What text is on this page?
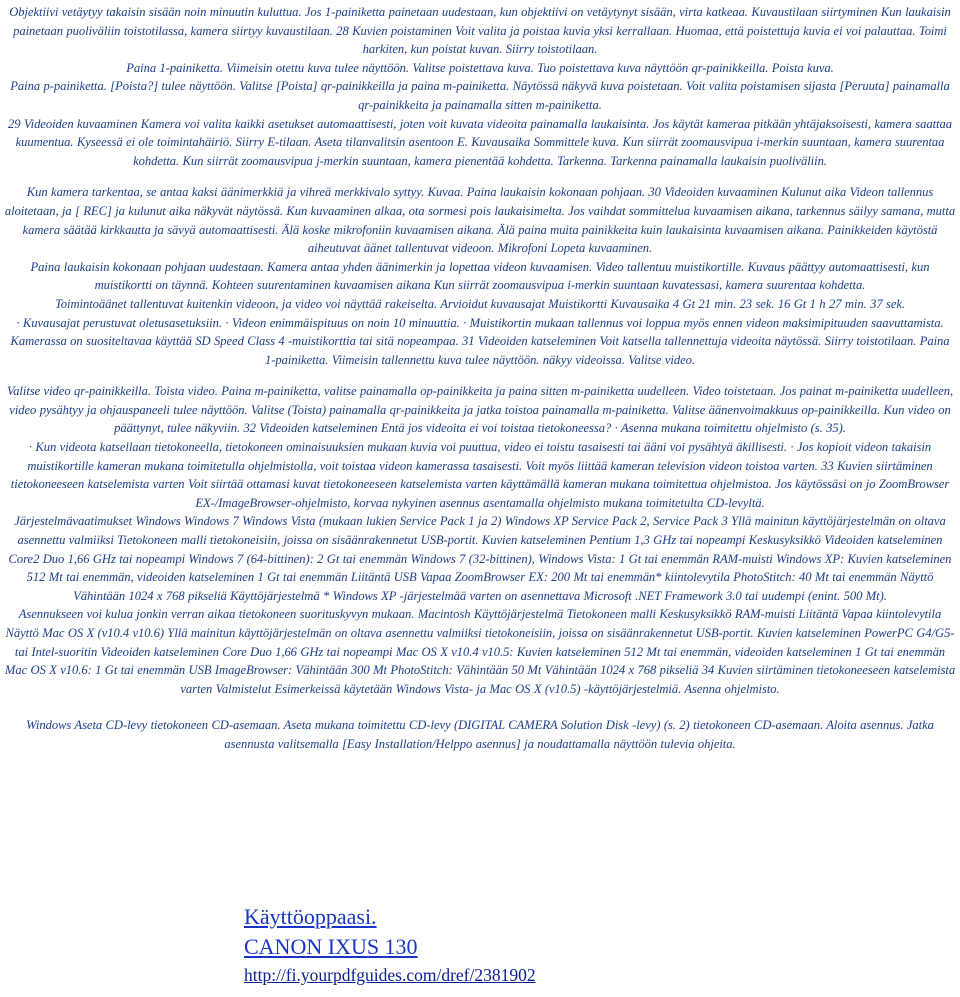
Objektiivi vetäytyy takaisin sisään noin minuutin kuluttua. Jos 1-painiketta painetaan uudestaan, kun objektiivi on vetäytynyt sisään, virta katkeaa. Kuvaustilaan siirtyminen Kun laukaisin painetaan puoliväliin toistotilassa, kamera siirtyy kuvaustilaan. 28 Kuvien poistaminen Voit valita ja poistaa kuvia yksi kerrallaan. Huomaa, että poistettuja kuvia ei voi palauttaa. Toimi harkiten, kun poistat kuvan. Siirry toistotilaan.

Paina 1-painiketta. Viimeisin otettu kuva tulee näyttöön. Valitse poistettava kuva. Tuo poistettava kuva näyttöön qr-painikkeilla. Poista kuva.

Paina p-painiketta. [Poista?] tulee näyttöön. Valitse [Poista] qr-painikkeilla ja paina m-painiketta. Näytössä näkyvä kuva poistetaan. Voit valita poistamisen sijasta [Peruuta] painamalla qr-painikkeita ja painamalla sitten m-painiketta.

29 Videoiden kuvaaminen Kamera voi valita kaikki asetukset automaattisesti, joten voit kuvata videoita painamalla laukaisinta. Jos käytät kameraa pitkään yhtäjaksoisesti, kamera saattaa kuumentua. Kyseessä ei ole toimintahäiriö. Siirry E-tilaan. Aseta tilanvalitsin asentoon E. Kuvausaika Sommittele kuva. Kun siirrät zoomausvipua i-merkin suuntaan, kamera suurentaa kohdetta. Kun siirrät zoomausvipua j-merkin suuntaan, kamera pienentää kohdetta. Tarkenna. Tarkenna painamalla laukaisin puoliväliin.

Kun kamera tarkentaa, se antaa kaksi äänimerkkiä ja vihreä merkkivalo syttyy. Kuvaa. Paina laukaisin kokonaan pohjaan. 30 Videoiden kuvaaminen Kulunut aika Videon tallennus aloitetaan, ja [ REC] ja kulunut aika näkyvät näytössä. Kun kuvaaminen alkaa, ota sormesi pois laukaisimelta. Jos vaihdat sommittelua kuvaamisen aikana, tarkennus säilyy samana, mutta kamera säätää kirkkautta ja sävyä automaattisesti. Älä koske mikrofoniin kuvaamisen aikana. Älä paina muita painikkeita kuin laukaisinta kuvaamisen aikana. Painikkeiden käytöstä aiheutuvat äänet tallentuvat videoon. Mikrofoni Lopeta kuvaaminen.

Paina laukaisin kokonaan pohjaan uudestaan. Kamera antaa yhden äänimerkin ja lopettaa videon kuvaamisen. Video tallentuu muistikortille. Kuvaus päättyy automaattisesti, kun muistikortti on täynnä. Kohteen suurentaminen kuvaamisen aikana Kun siirrät zoomausvipua i-merkin suuntaan kuvatessasi, kamera suurentaa kohdetta.

Toimintoäänet tallentuvat kuitenkin videoon, ja video voi näyttää rakeiselta. Arvioidut kuvausajat Muistikortti Kuvausaika 4 Gt 21 min. 23 sek. 16 Gt 1 h 27 min. 37 sek.

· Kuvausajat perustuvat oletusasetuksiin. · Videon enimmäispituus on noin 10 minuuttia. · Muistikortin mukaan tallennus voi loppua myös ennen videon maksimipituuden saavuttamista. Kamerassa on suositeltavaa käyttää SD Speed Class 4 -muistikorttia tai sitä nopeampaa. 31 Videoiden katseleminen Voit katsella tallennettuja videoita näytössä. Siirry toistotilaan. Paina 1-painiketta. Viimeisin tallennettu kuva tulee näyttöön. näkyy videoissa. Valitse video.

Valitse video qr-painikkeilla. Toista video. Paina m-painiketta, valitse painamalla op-painikkeita ja paina sitten m-painiketta uudelleen. Video toistetaan. Jos painat m-painiketta uudelleen, video pysähtyy ja ohjauspaneeli tulee näyttöön. Valitse (Toista) painamalla qr-painikkeita ja jatka toistoa painamalla m-painiketta. Valitse äänenvoimakkuus op-painikkeilla. Kun video on päättynyt, tulee näkyviin. 32 Videoiden katseleminen Entä jos videoita ei voi toistaa tietokoneessa? · Asenna mukana toimitettu ohjelmisto (s. 35).

· Kun videota katsellaan tietokoneella, tietokoneen ominaisuuksien mukaan kuvia voi puuttua, video ei toistu tasaisesti tai ääni voi pysähtyä äkillisesti. · Jos kopioit videon takaisin muistikortille kameran mukana toimitetulla ohjelmistolla, voit toistaa videon kamerassa tasaisesti. Voit myös liittää kameran television videon toistoa varten. 33 Kuvien siirtäminen tietokoneeseen katselemista varten Voit siirtää ottamasi kuvat tietokoneeseen katselemista varten käyttämällä kameran mukana toimitettua ohjelmistoa. Jos käytössäsi on jo ZoomBrowser EX-/ImageBrowser-ohjelmisto, korvaa nykyinen asennus asentamalla ohjelmisto mukana toimitetulta CD-levyltä.

Järjestelmävaatimukset Windows Windows 7 Windows Vista (mukaan lukien Service Pack 1 ja 2) Windows XP Service Pack 2, Service Pack 3 Yllä mainitun käyttöjärjestelmän on oltava asennettu valmiiksi Tietokoneen malli tietokoneisiin, joissa on sisäänrakennetut USB-portit. Kuvien katseleminen Pentium 1,3 GHz tai nopeampi Keskusyksikkö Videoiden katseleminen Core2 Duo 1,66 GHz tai nopeampi Windows 7 (64-bittinen): 2 Gt tai enemmän Windows 7 (32-bittinen), Windows Vista: 1 Gt tai enemmän RAM-muisti Windows XP: Kuvien katseleminen 512 Mt tai enemmän, videoiden katseleminen 1 Gt tai enemmän Liitäntä USB Vapaa ZoomBrowser EX: 200 Mt tai enemmän* kiintolevytila PhotoStitch: 40 Mt tai enemmän Näyttö Vähintään 1024 x 768 pikseliä Käyttöjärjestelmä * Windows XP -järjestelmää varten on asennettava Microsoft .NET Framework 3.0 tai uudempi (enint. 500 Mt).

Asennukseen voi kulua jonkin verran aikaa tietokoneen suorituskyvyn mukaan. Macintosh Käyttöjärjestelmä Tietokoneen malli Keskusyksikkö RAM-muisti Liitäntä Vapaa kiintolevytila Näyttö Mac OS X (v10.4 v10.6) Yllä mainitun käyttöjärjestelmän on oltava asennettu valmiiksi tietokoneisiin, joissa on sisäänrakennetut USB-portit. Kuvien katseleminen PowerPC G4/G5- tai Intel-suoritin Videoiden katseleminen Core Duo 1,66 GHz tai nopeampi Mac OS X v10.4 v10.5: Kuvien katseleminen 512 Mt tai enemmän, videoiden katseleminen 1 Gt tai enemmän Mac OS X v10.6: 1 Gt tai enemmän USB ImageBrowser: Vähintään 300 Mt PhotoStitch: Vähintään 50 Mt Vähintään 1024 x 768 pikseliä 34 Kuvien siirtäminen tietokoneeseen katselemista varten Valmistelut Esimerkeissä käytetään Windows Vista- ja Mac OS X (v10.5) -käyttöjärjestelmiä. Asenna ohjelmisto.

Windows Aseta CD-levy tietokoneen CD-asemaan. Aseta mukana toimitettu CD-levy (DIGITAL CAMERA Solution Disk -levy) (s. 2) tietokoneen CD-asemaan. Aloita asennus. Jatka asennusta valitsemalla [Easy Installation/Helppo asennus] ja noudattamalla näyttöön tulevia ohjeita.

Käyttöoppaasi.
CANON IXUS 130
http://fi.yourpdfguides.com/dref/2381902
